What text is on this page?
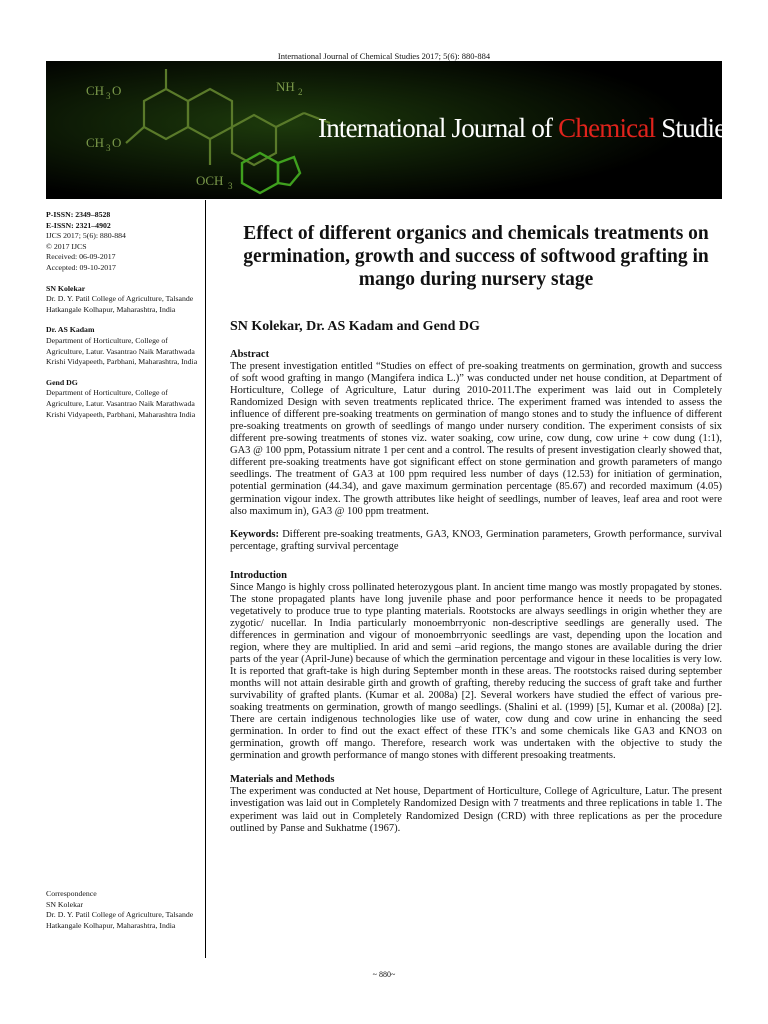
International Journal of Chemical Studies 2017; 5(6): 880-884
CH 3 O
CH 3 O
NH 2
OCH 3
International Journal of Chemical Studies
P-ISSN: 2349–8528
E-ISSN: 2321–4902
IJCS 2017; 5(6): 880-884
© 2017 IJCS
Received: 06-09-2017
Accepted: 09-10-2017
SN Kolekar
Dr. D. Y. Patil College of Agriculture, Talsande Hatkangale Kolhapur, Maharashtra, India
Dr. AS Kadam
Department of Horticulture, College of Agriculture, Latur. Vasantrao Naik Marathwada Krishi Vidyapeeth, Parbhani, Maharashtra, India
Gend DG
Department of Horticulture, College of Agriculture, Latur. Vasantrao Naik Marathwada Krishi Vidyapeeth, Parbhani, Maharashtra India
Correspondence
SN Kolekar
Dr. D. Y. Patil College of Agriculture, Talsande Hatkangale Kolhapur, Maharashtra, India
Effect of different organics and chemicals treatments on germination, growth and success of softwood grafting in mango during nursery stage
SN Kolekar, Dr. AS Kadam and Gend DG
Abstract

The present investigation entitled “Studies on effect of pre-soaking treatments on germination, growth and success of soft wood grafting in mango (Mangifera indica L.)” was conducted under net house condition, at Department of Horticulture, College of Agriculture, Latur during 2010-2011.The experiment was laid out in Completely Randomized Design with seven treatments replicated thrice. The experiment framed was intended to assess the influence of different pre-soaking treatments on germination of mango stones and to study the influence of different pre-soaking treatments on growth of seedlings of mango under nursery condition. The experiment consists of six different pre-sowing treatments of stones viz. water soaking, cow urine, cow dung, cow urine + cow dung (1:1), GA3 @ 100 ppm, Potassium nitrate 1 per cent and a control. The results of present investigation clearly showed that, different pre-soaking treatments have got significant effect on stone germination and growth parameters of mango seedlings. The treatment of GA3 at 100 ppm required less number of days (12.53) for initiation of germination, potential germination (44.34), and gave maximum germination percentage (85.67) and recorded maximum (4.05) germination vigour index. The growth attributes like height of seedlings, number of leaves, leaf area and root were also maximum in), GA3 @ 100 ppm treatment.

Keywords: Different pre-soaking treatments, GA3, KNO3, Germination parameters, Growth performance, survival percentage, grafting survival percentage
Introduction

Since Mango is highly cross pollinated heterozygous plant. In ancient time mango was mostly propagated by stones. The stone propagated plants have long juvenile phase and poor performance hence it needs to be propagated vegetatively to produce true to type planting materials. Rootstocks are always seedlings in origin whether they are zygotic/ nucellar. In India particularly monoembrryonic non-descriptive seedlings are generally used. The differences in germination and vigour of monoembrryonic seedlings are vast, depending upon the location and region, where they are multiplied. In arid and semi –arid regions, the mango stones are available during the drier parts of the year (April-June) because of which the germination percentage and vigour in these localities is very low. It is reported that graft-take is high during September month in these areas. The rootstocks raised during september months will not attain desirable girth and growth of grafting, thereby reducing the success of graft take and further survivability of grafted plants. (Kumar et al. 2008a) [2]. Several workers have studied the effect of various pre-soaking treatments on germination, growth of mango seedlings. (Shalini et al. (1999) [5], Kumar et al. (2008a) [2]. There are certain indigenous technologies like use of water, cow dung and cow urine in enhancing the seed germination. In order to find out the exact effect of these ITK’s and some chemicals like GA3 and KNO3 on germination, growth off mango. Therefore, research work was undertaken with the objective to study the germination and growth performance of mango stones with different presoaking treatments.

Materials and Methods

The experiment was conducted at Net house, Department of Horticulture, College of Agriculture, Latur. The present investigation was laid out in Completely Randomized Design with 7 treatments and three replications in table 1. The experiment was laid out in Completely Randomized Design (CRD) with three replications as per the procedure outlined by Panse and Sukhatme (1967).

~ 880~
